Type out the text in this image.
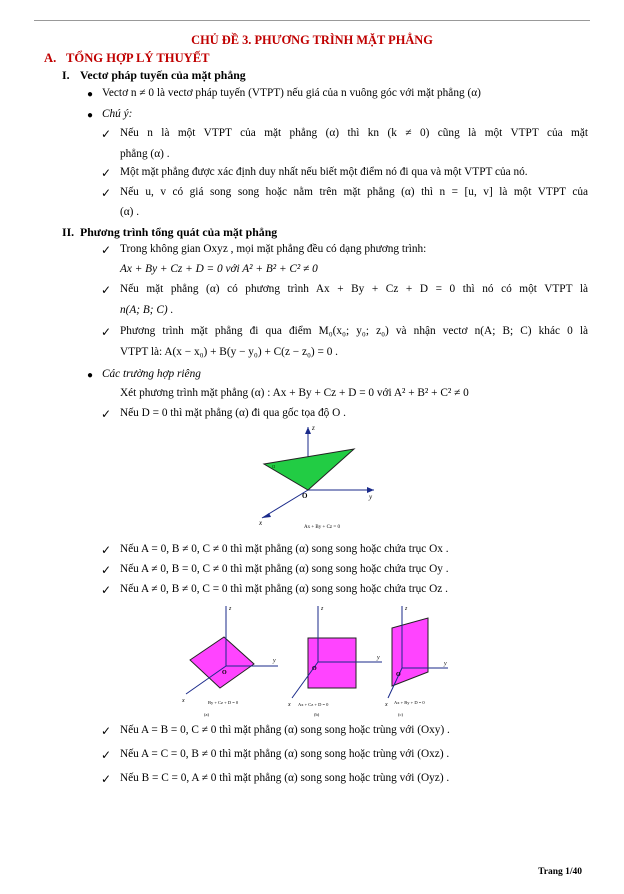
CHỦ ĐỀ 3. PHƯƠNG TRÌNH MẶT PHẲNG
A. TỔNG HỢP LÝ THUYẾT
I. Vectơ pháp tuyến của mặt phẳng
● Vectơ n ≠ 0 là vectơ pháp tuyến (VTPT) nếu giá của n vuông góc với mặt phẳng (α)
● Chú ý:
✓ Nếu n là một VTPT của mặt phẳng (α) thì kn (k ≠ 0) cũng là một VTPT của mặt
phẳng (α) .
✓ Một mặt phẳng được xác định duy nhất nếu biết một điểm nó đi qua và một VTPT của nó.
✓ Nếu u, v có giá song song hoặc nằm trên mặt phẳng (α) thì n = [u, v] là một VTPT của
(α) .
II. Phương trình tổng quát của mặt phẳng
✓ Trong không gian Oxyz , mọi mặt phẳng đều có dạng phương trình:
Ax + By + Cz + D = 0 với A² + B² + C² ≠ 0
✓ Nếu mặt phẳng (α) có phương trình Ax + By + Cz + D = 0 thì nó có một VTPT là
n(A; B; C) .
✓ Phương trình mặt phẳng đi qua điểm M₀(x₀; y₀; z₀) và nhận vectơ n(A; B; C) khác 0 là
VTPT là: A(x − x₀) + B(y − y₀) + C(z − z₀) = 0 .
● Các trường hợp riêng
Xét phương trình mặt phẳng (α) : Ax + By + Cz + D = 0 với A² + B² + C² ≠ 0
✓ Nếu D = 0 thì mặt phẳng (α) đi qua gốc tọa độ O .
z
y
x
O
α
Ax + By + Cz = 0
✓ Nếu A = 0, B ≠ 0, C ≠ 0 thì mặt phẳng (α) song song hoặc chứa trục Ox .
✓ Nếu A ≠ 0, B = 0, C ≠ 0 thì mặt phẳng (α) song song hoặc chứa trục Oy .
✓ Nếu A ≠ 0, B ≠ 0, C = 0 thì mặt phẳng (α) song song hoặc chứa trục Oz .
z
y
x
O
By + Cz + D = 0
(a)
z
y
x
O
Ax + Cz + D = 0
(b)
z
y
x
O
Ax + By + D = 0
(c)
✓ Nếu A = B = 0, C ≠ 0 thì mặt phẳng (α) song song hoặc trùng với (Oxy) .
✓ Nếu A = C = 0, B ≠ 0 thì mặt phẳng (α) song song hoặc trùng với (Oxz) .
✓ Nếu B = C = 0, A ≠ 0 thì mặt phẳng (α) song song hoặc trùng với (Oyz) .
Trang 1/40
